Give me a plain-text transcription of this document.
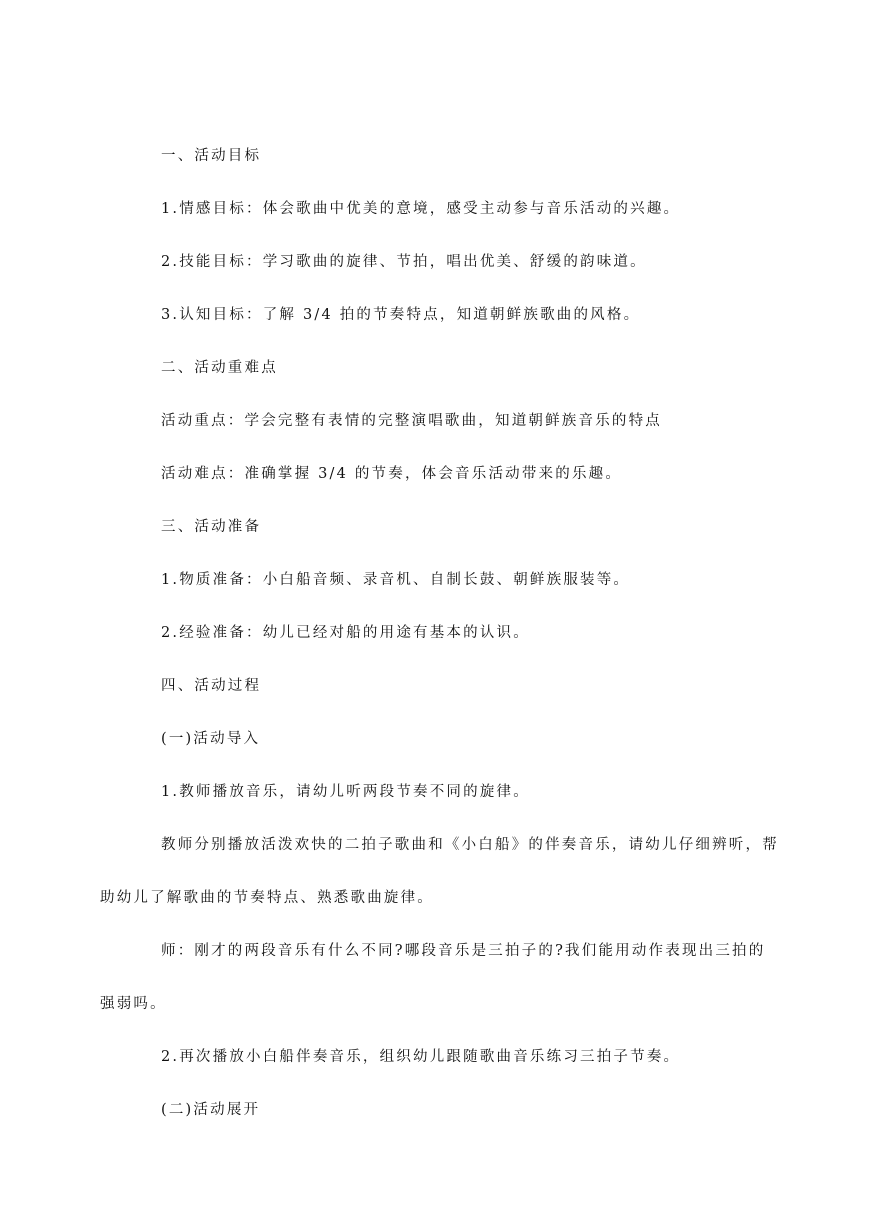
一、活动目标

1.情感目标：体会歌曲中优美的意境，感受主动参与音乐活动的兴趣。

2.技能目标：学习歌曲的旋律、节拍，唱出优美、舒缓的韵味道。

3.认知目标：了解 3/4 拍的节奏特点，知道朝鲜族歌曲的风格。

二、活动重难点

活动重点：学会完整有表情的完整演唱歌曲，知道朝鲜族音乐的特点

活动难点：准确掌握 3/4 的节奏，体会音乐活动带来的乐趣。

三、活动准备

1.物质准备：小白船音频、录音机、自制长鼓、朝鲜族服装等。

2.经验准备：幼儿已经对船的用途有基本的认识。

四、活动过程

(一)活动导入

1.教师播放音乐，请幼儿听两段节奏不同的旋律。

教师分别播放活泼欢快的二拍子歌曲和《小白船》的伴奏音乐，请幼儿仔细辨听，帮助幼儿了解歌曲的节奏特点、熟悉歌曲旋律。

师：刚才的两段音乐有什么不同?哪段音乐是三拍子的?我们能用动作表现出三拍的强弱吗。

2.再次播放小白船伴奏音乐，组织幼儿跟随歌曲音乐练习三拍子节奏。

(二)活动展开
